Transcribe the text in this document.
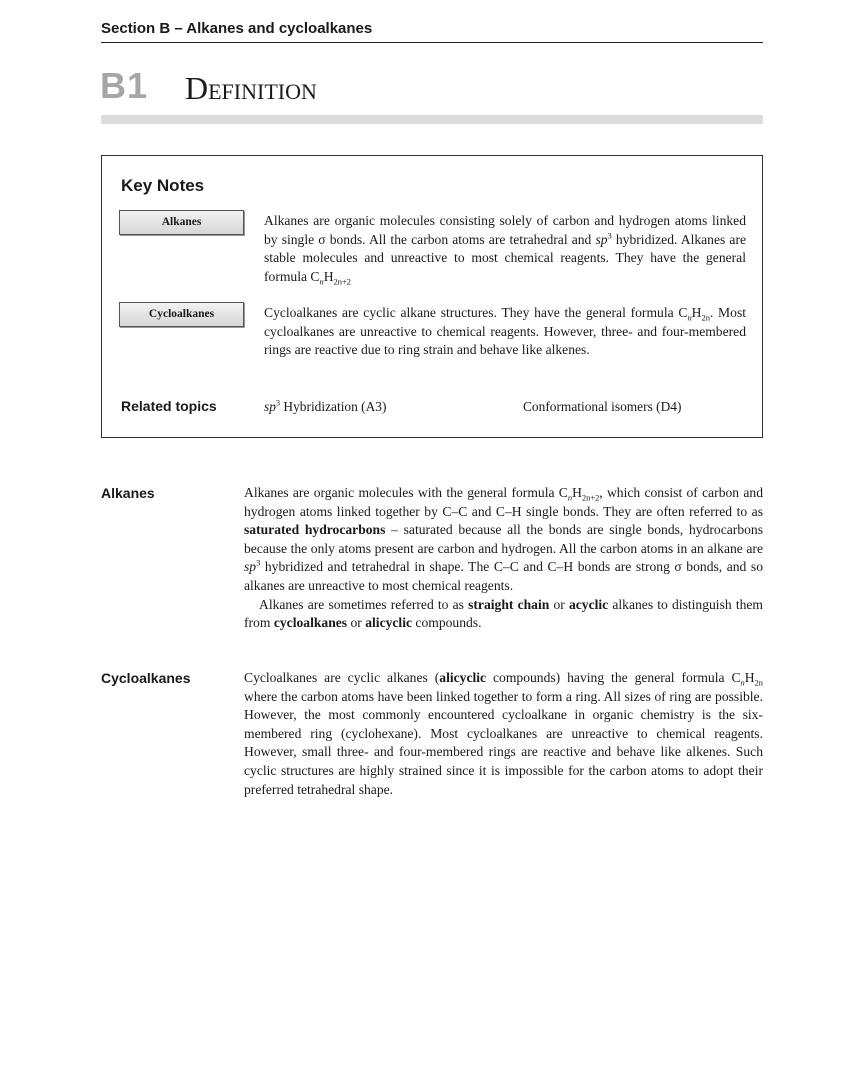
Section B – Alkanes and cycloalkanes
B1 Definition
Key Notes
Alkanes	Alkanes are organic molecules consisting solely of carbon and hydrogen atoms linked by single σ bonds. All the carbon atoms are tetrahedral and $sp^3$ hybridized. Alkanes are stable molecules and unreactive to most chemical reagents. They have the general formula $C_nH_{2n+2}$
Cycloalkanes	Cycloalkanes are cyclic alkane structures. They have the general formula $C_nH_{2n}$. Most cycloalkanes are unreactive to chemical reagents. However, three- and four-membered rings are reactive due to ring strain and behave like alkenes.
Related topics	$sp^3$ Hybridization (A3)	Conformational isomers (D4)
Alkanes	Alkanes are organic molecules with the general formula $C_nH_{2n+2}$, which consist of carbon and hydrogen atoms linked together by C–C and C–H single bonds. They are often referred to as saturated hydrocarbons – saturated because all the bonds are single bonds, hydrocarbons because the only atoms present are carbon and hydrogen. All the carbon atoms in an alkane are $sp^3$ hybridized and tetrahedral in shape. The C–C and C–H bonds are strong σ bonds, and so alkanes are unreactive to most chemical reagents.

Alkanes are sometimes referred to as straight chain or acyclic alkanes to distinguish them from cycloalkanes or alicyclic compounds.

Cycloalkanes	Cycloalkanes are cyclic alkanes (alicyclic compounds) having the general formula $C_nH_{2n}$ where the carbon atoms have been linked together to form a ring. All sizes of ring are possible. However, the most commonly encountered cycloalkane in organic chemistry is the six-membered ring (cyclohexane). Most cycloalkanes are unreactive to chemical reagents. However, small three- and four-membered rings are reactive and behave like alkenes. Such cyclic structures are highly strained since it is impossible for the carbon atoms to adopt their preferred tetrahedral shape.
